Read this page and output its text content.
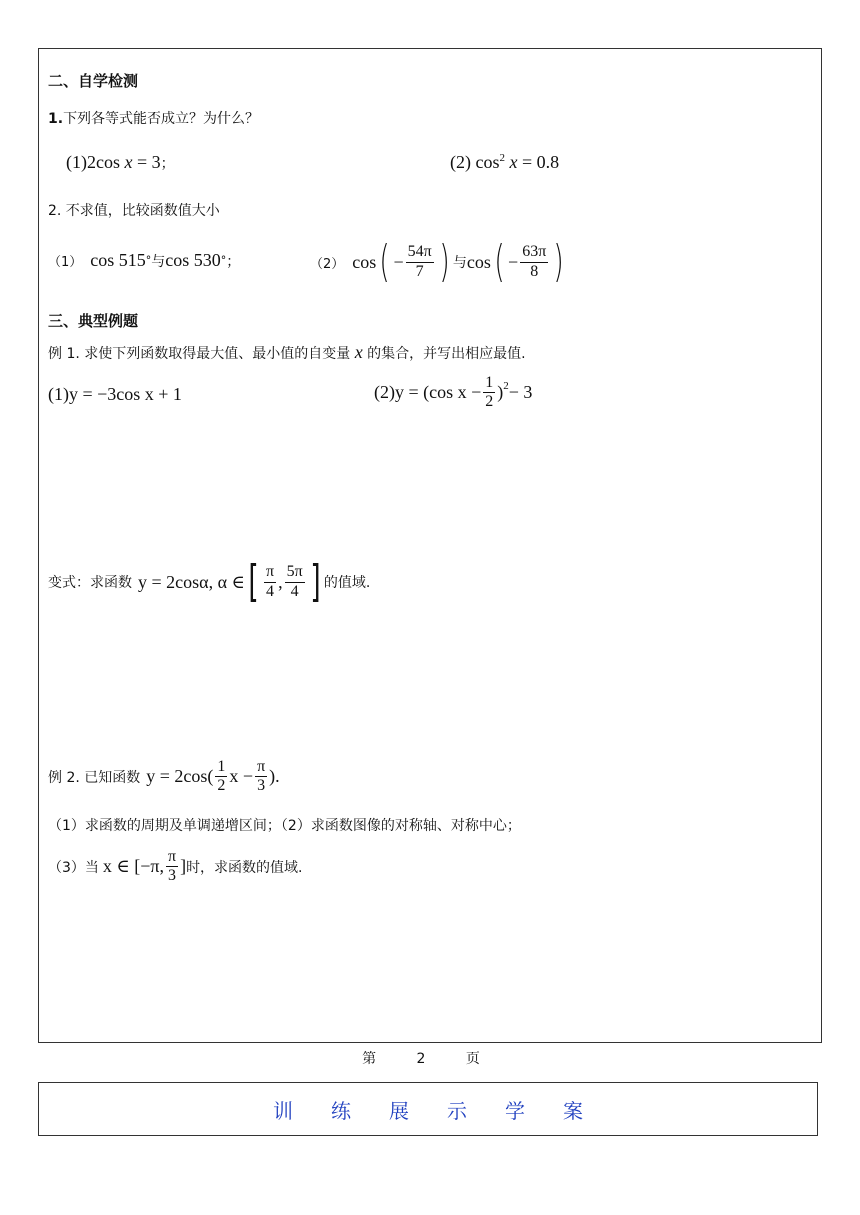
二、自学检测
1.下列各等式能否成立？为什么？
(1)2cos x = 3；	(2) $\cos^2 x = 0.8$
2. 不求值，比较函数值大小
（1） cos 515 ° 与 cos 530 ° ；	（2） cos ( − $\frac{54\pi}{7}$ ) 与 cos ( − $\frac{63\pi}{8}$ )
三、典型例题
例 1. 求使下列函数取得最大值、最小值的自变量 x 的集合，并写出相应最值.
(1)y = −3cos x + 1	(2)y = (cos $x - \frac{1}{2}$ ) 2 − 3
变式：求函数 y = 2cosα, α ∈ [ $\frac{\pi}{4}$ , $\frac{5\pi}{4}$ ] 的值域.
例 2. 已知函数 $y = 2\cos( \frac{1}{2}$ $x - \frac{\pi}{3}$ ).
（1）求函数的周期及单调递增区间；（2）求函数图像的对称轴、对称中心；
（3）当 x ∈ [−π, $\frac{\pi}{3}$ ] 时，求函数的值域.
第 2 页
训练展示学案
